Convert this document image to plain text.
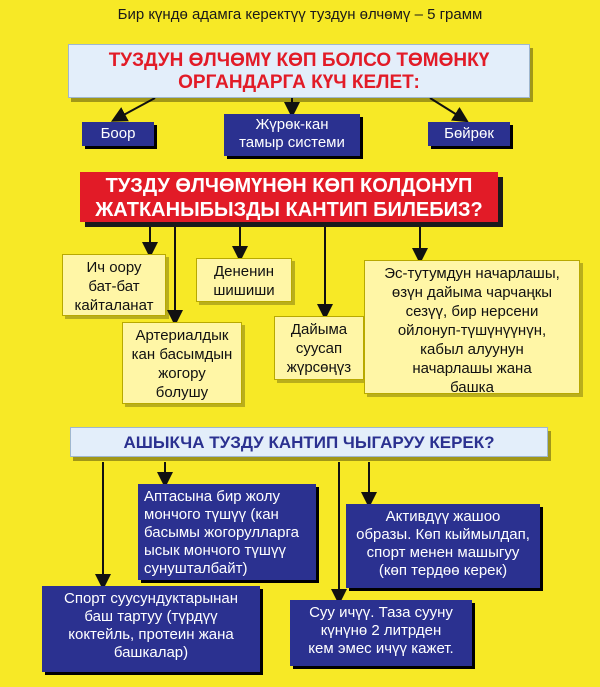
Бир күндө адамга керектүү туздун өлчөмү – 5 грамм
ТУЗДУН ӨЛЧӨМҮ КӨП БОЛСО ТӨМӨНКҮ
ОРГАНДАРГА КҮЧ КЕЛЕТ:
Боор
Жүрөк-кан
тамыр системи
Бөйрөк
ТУЗДУ ӨЛЧӨМҮНӨН КӨП КОЛДОНУП
ЖАТКАНЫБЫЗДЫ КАНТИП БИЛЕБИЗ?
Ич оору
бат-бат
кайталанат
Дененин
шишиши
Артериалдык
кан басымдын
жогору
болушу
Дайыма
суусап
жүрсөңүз
Эс-тутумдун начарлашы,
өзүн дайыма чарчаңкы
сезүү, бир нерсени
ойлонуп-түшүнүүнүн,
кабыл алуунун
начарлашы жана
башка
АШЫКЧА ТУЗДУ КАНТИП ЧЫГАРУУ КЕРЕК?
Аптасына бир жолу
мончого түшүү (кан
басымы жогорулларга
ысык мончого түшүү
сунушталбайт)
Активдүү жашоо
образы. Көп кыймылдап,
спорт менен машыгуу
(көп тердөө керек)
Спорт суусундуктарынан
баш тартуу (түрдүү
коктейль, протеин жана
башкалар)
Суу ичүү. Таза сууну
күнүнө 2 литрден
кем эмес ичүү кажет.
